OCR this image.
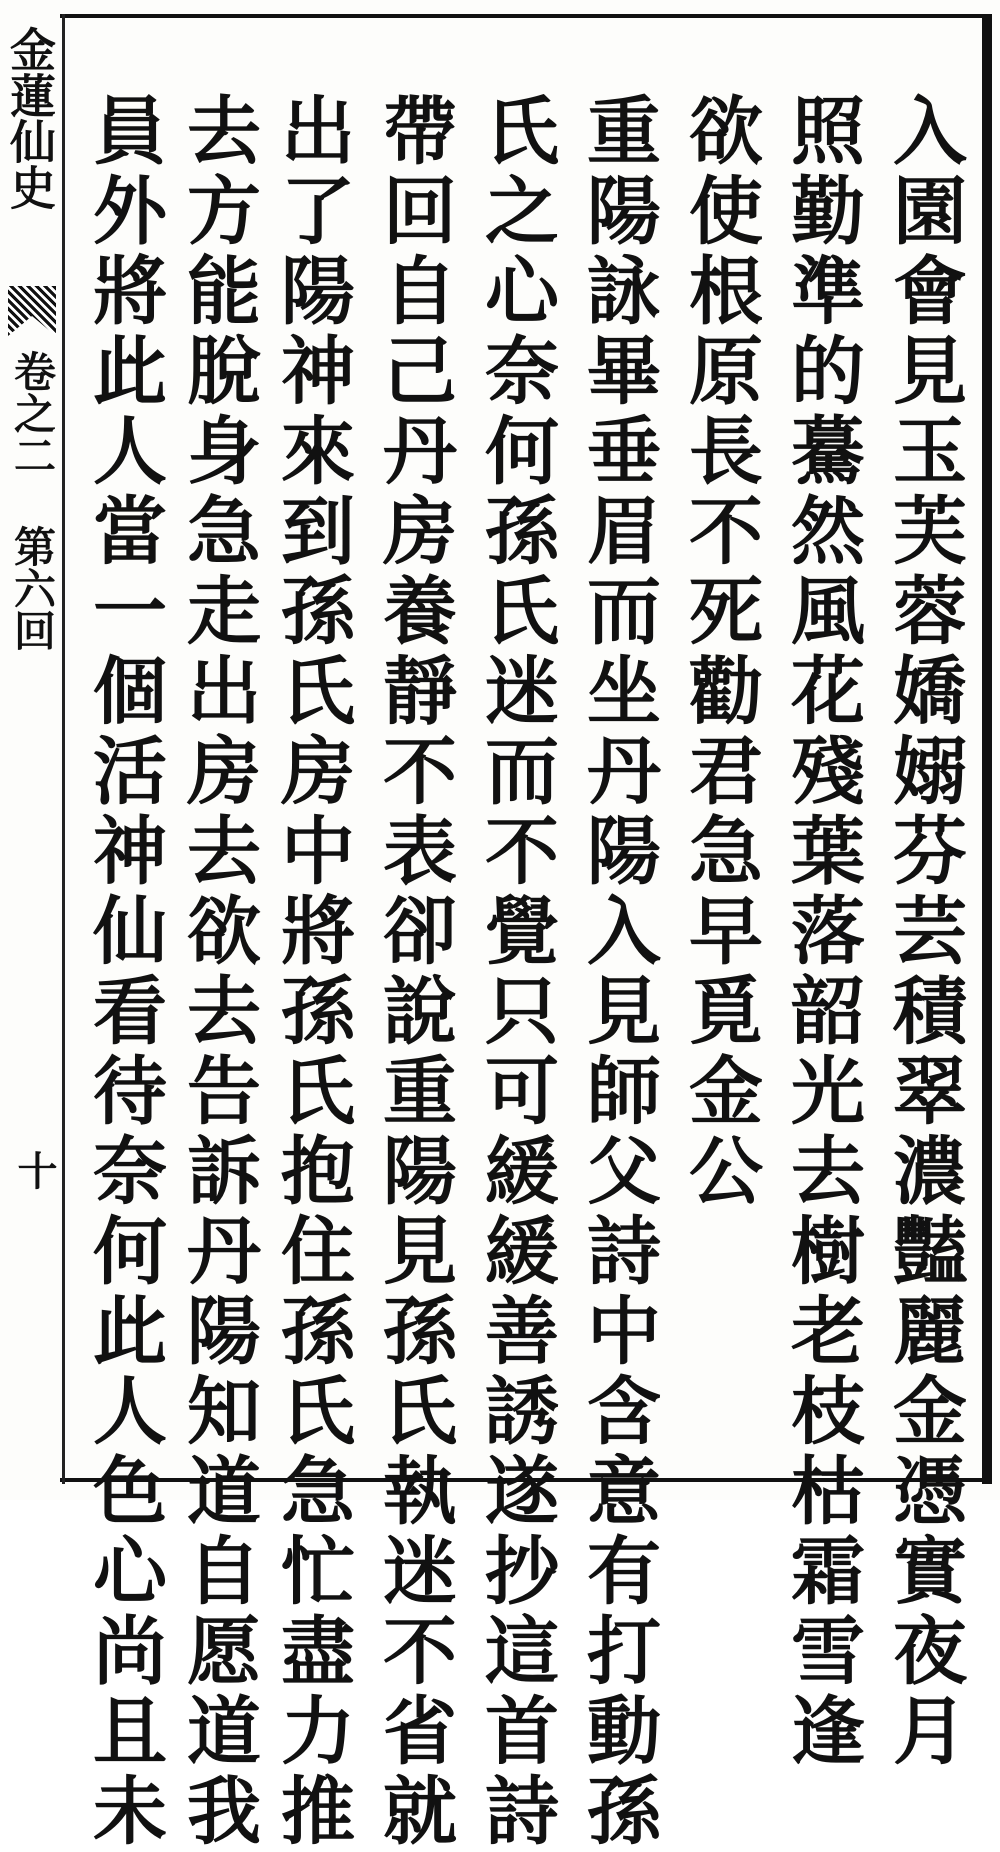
入園會見玉芙蓉嬌嫋芬芸積翠濃豔麗金憑實夜月
照勤準的驀然風花殘葉落韶光去樹老枝枯霜雪逢
欲使根原長不死勸君急早覓金公
重陽詠畢垂眉而坐丹陽入見師父詩中含意有打動孫
氏之心奈何孫氏迷而不覺只可緩緩善誘遂抄這首詩
帶回自己丹房養靜不表卻說重陽見孫氏執迷不省就
出了陽神來到孫氏房中將孫氏抱住孫氏急忙盡力推
去方能脫身急走出房去欲去告訴丹陽知道自愿道我
員外將此人當一個活神仙看待奈何此人色心尚且未
金蓮仙史
卷之二 第六回
十
